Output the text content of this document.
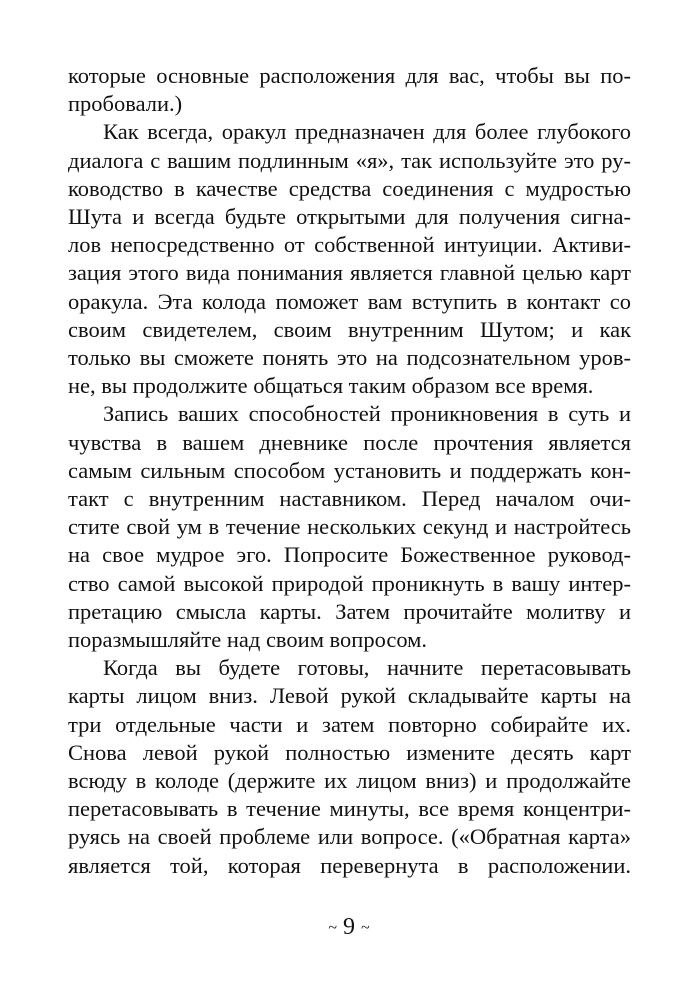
которые основные расположения для вас, чтобы вы по-
пробовали.)
Как всегда, оракул предназначен для более глубокого
диалога с вашим подлинным «я», так используйте это ру-
ководство в качестве средства соединения с мудростью
Шута и всегда будьте открытыми для получения сигна-
лов непосредственно от собственной интуиции. Активи-
зация этого вида понимания является главной целью карт
оракула. Эта колода поможет вам вступить в контакт со
своим свидетелем, своим внутренним Шутом; и как
только вы сможете понять это на подсознательном уров-
не, вы продолжите общаться таким образом все время.
Запись ваших способностей проникновения в суть и
чувства в вашем дневнике после прочтения является
самым сильным способом установить и поддержать кон-
такт с внутренним наставником. Перед началом очи-
стите свой ум в течение нескольких секунд и настройтесь
на свое мудрое эго. Попросите Божественное руковод-
ство самой высокой природой проникнуть в вашу интер-
претацию смысла карты. Затем прочитайте молитву и
поразмышляйте над своим вопросом.
Когда вы будете готовы, начните перетасовывать
карты лицом вниз. Левой рукой складывайте карты на
три отдельные части и затем повторно собирайте их.
Снова левой рукой полностью измените десять карт
всюду в колоде (держите их лицом вниз) и продолжайте
перетасовывать в течение минуты, все время концентри-
руясь на своей проблеме или вопросе. («Обратная карта»
является той, которая перевернута в расположении.
~ 9 ~
